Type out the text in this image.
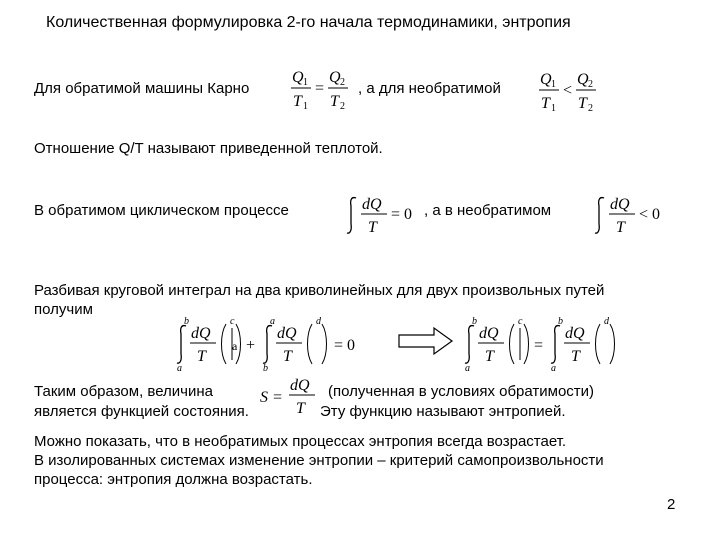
Количественная формулировка 2-го начала термодинамики, энтропия
Для обратимой машины Карно
Q 1
T 1
=
Q 2
T 2
, а для необратимой
Q 1
T 1
<
Q 2
T 2
Отношение Q/T называют приведенной теплотой.
В обратимом циклическом процессе	dQ
T
= 0 , а в необратимом	dQ
T
< 0
Разбивая круговой интеграл на два криволинейных для двух произвольных путей
получим
b
a
dQ
T
c
a +
a
b
dQ
T
d
= 0
b
a
dQ
T
c
=
b
a
dQ
T
d
Таким образом, величина
является функцией состояния.
S =
dQ
T
(полученная в условиях обратимости)
Эту функцию называют энтропией.
Можно показать, что в необратимых процессах энтропия всегда возрастает.
В изолированных системах изменение энтропии – критерий самопроизвольности
процесса: энтропия должна возрастать.
2
